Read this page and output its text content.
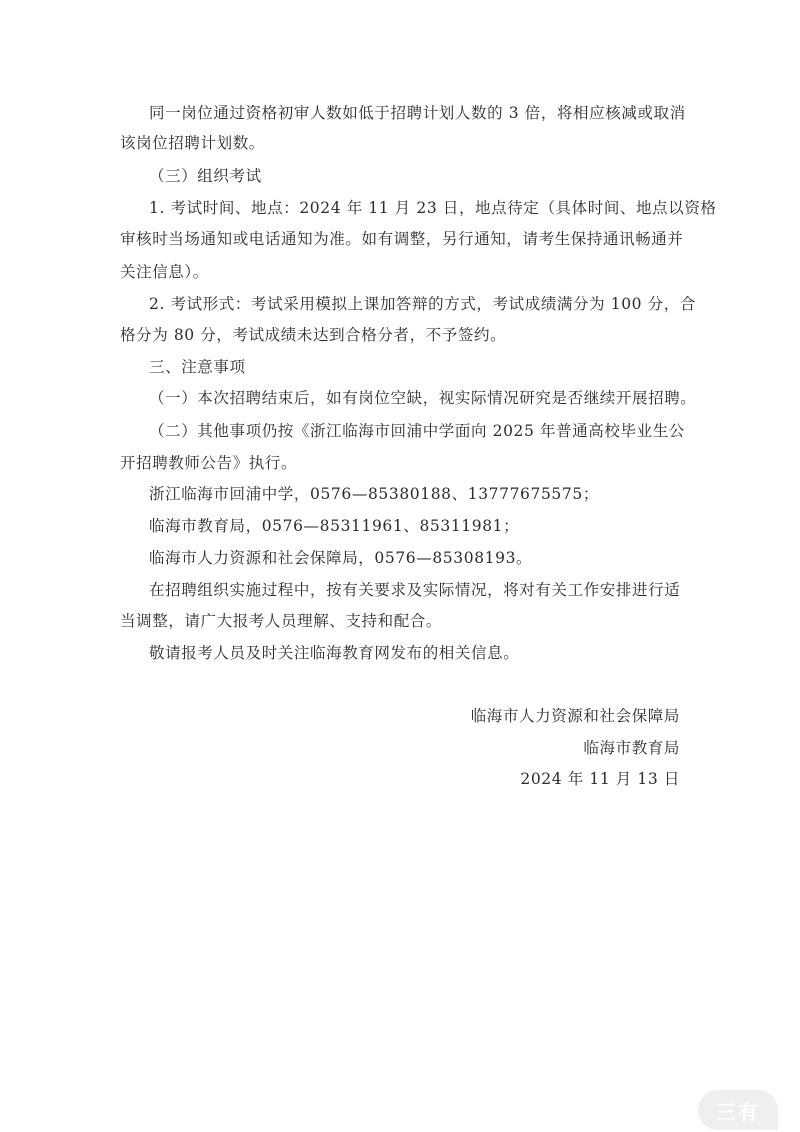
同一岗位通过资格初审人数如低于招聘计划人数的 3 倍，将相应核减或取消
该岗位招聘计划数。
（三）组织考试
1. 考试时间、地点：2024 年 11 月 23 日，地点待定（具体时间、地点以资格
审核时当场通知或电话通知为准。如有调整，另行通知，请考生保持通讯畅通并
关注信息）。
2. 考试形式：考试采用模拟上课加答辩的方式，考试成绩满分为 100 分，合
格分为 80 分，考试成绩未达到合格分者，不予签约。
三、注意事项
（一）本次招聘结束后，如有岗位空缺，视实际情况研究是否继续开展招聘。
（二）其他事项仍按《浙江临海市回浦中学面向 2025 年普通高校毕业生公
开招聘教师公告》执行。
浙江临海市回浦中学，0576—85380188、13777675575；
临海市教育局，0576—85311961、85311981；
临海市人力资源和社会保障局，0576—85308193。
在招聘组织实施过程中，按有关要求及实际情况，将对有关工作安排进行适
当调整，请广大报考人员理解、支持和配合。
敬请报考人员及时关注临海教育网发布的相关信息。
临海市人力资源和社会保障局
临海市教育局
2024 年 11 月 13 日
三有
